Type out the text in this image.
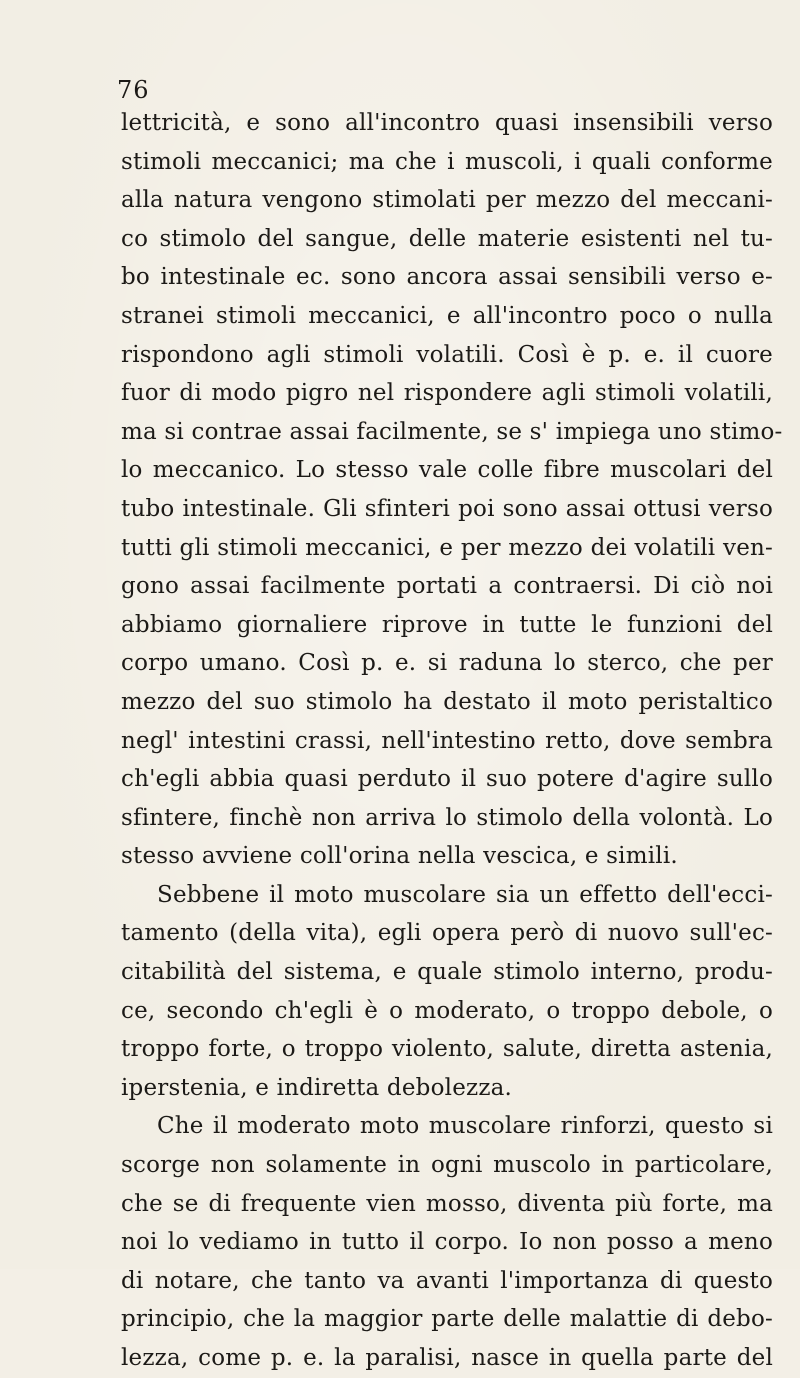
76
lettricità, e sono all'incontro quasi insensibili verso
stimoli meccanici; ma che i muscoli, i quali conforme
alla natura vengono stimolati per mezzo del meccani-
co stimolo del sangue, delle materie esistenti nel tu-
bo intestinale ec. sono ancora assai sensibili verso e-
stranei stimoli meccanici, e all'incontro poco o nulla
rispondono agli stimoli volatili. Così è p. e. il cuore
fuor di modo pigro nel rispondere agli stimoli volatili,
ma si contrae assai facilmente, se s' impiega uno stimo-
lo meccanico. Lo stesso vale colle fibre muscolari del
tubo intestinale. Gli sfinteri poi sono assai ottusi verso
tutti gli stimoli meccanici, e per mezzo dei volatili ven-
gono assai facilmente portati a contraersi. Di ciò noi
abbiamo giornaliere riprove in tutte le funzioni del
corpo umano. Così p. e. si raduna lo sterco, che per
mezzo del suo stimolo ha destato il moto peristaltico
negl' intestini crassi, nell'intestino retto, dove sembra
ch'egli abbia quasi perduto il suo potere d'agire sullo
sfintere, finchè non arriva lo stimolo della volontà. Lo
stesso avviene coll'orina nella vescica, e simili.
Sebbene il moto muscolare sia un effetto dell'ecci-
tamento (della vita), egli opera però di nuovo sull'ec-
citabilità del sistema, e quale stimolo interno, produ-
ce, secondo ch'egli è o moderato, o troppo debole, o
troppo forte, o troppo violento, salute, diretta astenia,
iperstenia, e indiretta debolezza.
Che il moderato moto muscolare rinforzi, questo si
scorge non solamente in ogni muscolo in particolare,
che se di frequente vien mosso, diventa più forte, ma
noi lo vediamo in tutto il corpo. Io non posso a meno
di notare, che tanto va avanti l'importanza di questo
principio, che la maggior parte delle malattie di debo-
lezza, come p. e. la paralisi, nasce in quella parte del
